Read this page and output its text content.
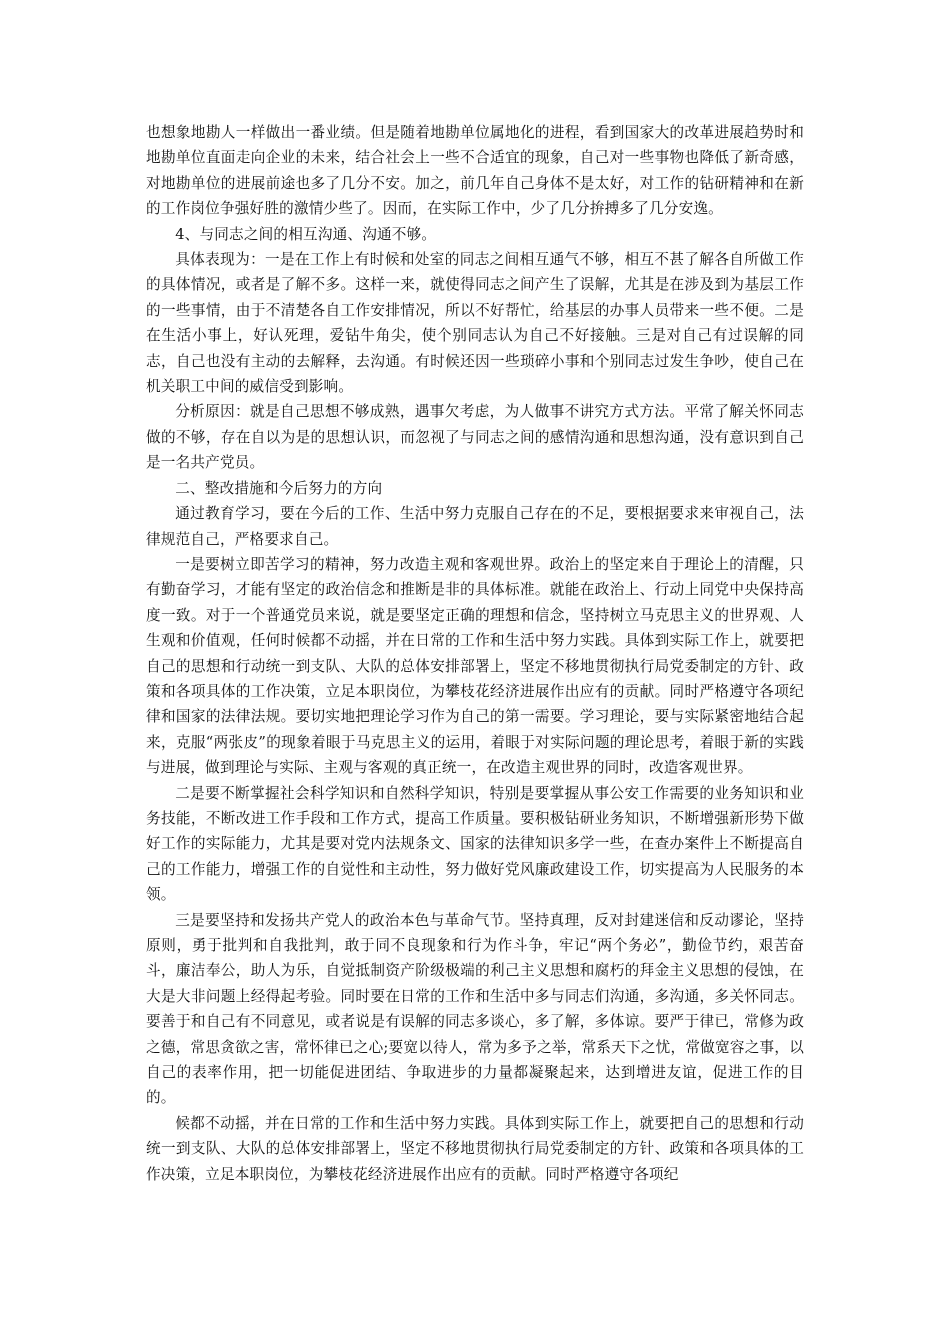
也想象地勘人一样做出一番业绩。但是随着地勘单位属地化的进程，看到国家大的改革进展趋势时和地勘单位直面走向企业的未来，结合社会上一些不合适宜的现象，自己对一些事物也降低了新奇感，对地勘单位的进展前途也多了几分不安。加之，前几年自己身体不是太好，对工作的钻研精神和在新的工作岗位争强好胜的激情少些了。因而，在实际工作中，少了几分拚搏多了几分安逸。

4、与同志之间的相互沟通、沟通不够。

具体表现为：一是在工作上有时候和处室的同志之间相互通气不够，相互不甚了解各自所做工作的具体情况，或者是了解不多。这样一来，就使得同志之间产生了误解，尤其是在涉及到为基层工作的一些事情，由于不清楚各自工作安排情况，所以不好帮忙，给基层的办事人员带来一些不便。二是在生活小事上，好认死理，爱钻牛角尖，使个别同志认为自己不好接触。三是对自己有过误解的同志，自己也没有主动的去解释，去沟通。有时候还因一些琐碎小事和个别同志过发生争吵，使自己在机关职工中间的威信受到影响。

分析原因：就是自己思想不够成熟，遇事欠考虑，为人做事不讲究方式方法。平常了解关怀同志做的不够，存在自以为是的思想认识，而忽视了与同志之间的感情沟通和思想沟通，没有意识到自己是一名共产党员。

二、整改措施和今后努力的方向

通过教育学习，要在今后的工作、生活中努力克服自己存在的不足，要根据要求来审视自己，法律规范自己，严格要求自己。

一是要树立即苦学习的精神，努力改造主观和客观世界。政治上的坚定来自于理论上的清醒，只有勤奋学习，才能有坚定的政治信念和推断是非的具体标准。就能在政治上、行动上同党中央保持高度一致。对于一个普通党员来说，就是要坚定正确的理想和信念，坚持树立马克思主义的世界观、人生观和价值观，任何时候都不动摇，并在日常的工作和生活中努力实践。具体到实际工作上，就要把自己的思想和行动统一到支队、大队的总体安排部署上，坚定不移地贯彻执行局党委制定的方针、政策和各项具体的工作决策，立足本职岗位，为攀枝花经济进展作出应有的贡献。同时严格遵守各项纪律和国家的法律法规。要切实地把理论学习作为自己的第一需要。学习理论，要与实际紧密地结合起来，克服“两张皮”的现象着眼于马克思主义的运用，着眼于对实际问题的理论思考，着眼于新的实践与进展，做到理论与实际、主观与客观的真正统一，在改造主观世界的同时，改造客观世界。

二是要不断掌握社会科学知识和自然科学知识，特别是要掌握从事公安工作需要的业务知识和业务技能，不断改进工作手段和工作方式，提高工作质量。要积极钻研业务知识，不断增强新形势下做好工作的实际能力，尤其是要对党内法规条文、国家的法律知识多学一些，在查办案件上不断提高自己的工作能力，增强工作的自觉性和主动性，努力做好党风廉政建设工作，切实提高为人民服务的本领。

三是要坚持和发扬共产党人的政治本色与革命气节。坚持真理，反对封建迷信和反动谬论，坚持原则，勇于批判和自我批判，敢于同不良现象和行为作斗争，牢记“两个务必”，勤俭节约，艰苦奋斗，廉洁奉公，助人为乐，自觉抵制资产阶级极端的利己主义思想和腐朽的拜金主义思想的侵蚀，在大是大非问题上经得起考验。同时要在日常的工作和生活中多与同志们沟通，多沟通，多关怀同志。要善于和自己有不同意见，或者说是有误解的同志多谈心，多了解，多体谅。要严于律已，常修为政之德，常思贪欲之害，常怀律已之心;要宽以待人，常为多予之举，常系天下之忧，常做宽容之事，以自己的表率作用，把一切能促进团结、争取进步的力量都凝聚起来，达到增进友谊，促进工作的目的。

候都不动摇，并在日常的工作和生活中努力实践。具体到实际工作上，就要把自己的思想和行动统一到支队、大队的总体安排部署上，坚定不移地贯彻执行局党委制定的方针、政策和各项具体的工作决策，立足本职岗位，为攀枝花经济进展作出应有的贡献。同时严格遵守各项纪
